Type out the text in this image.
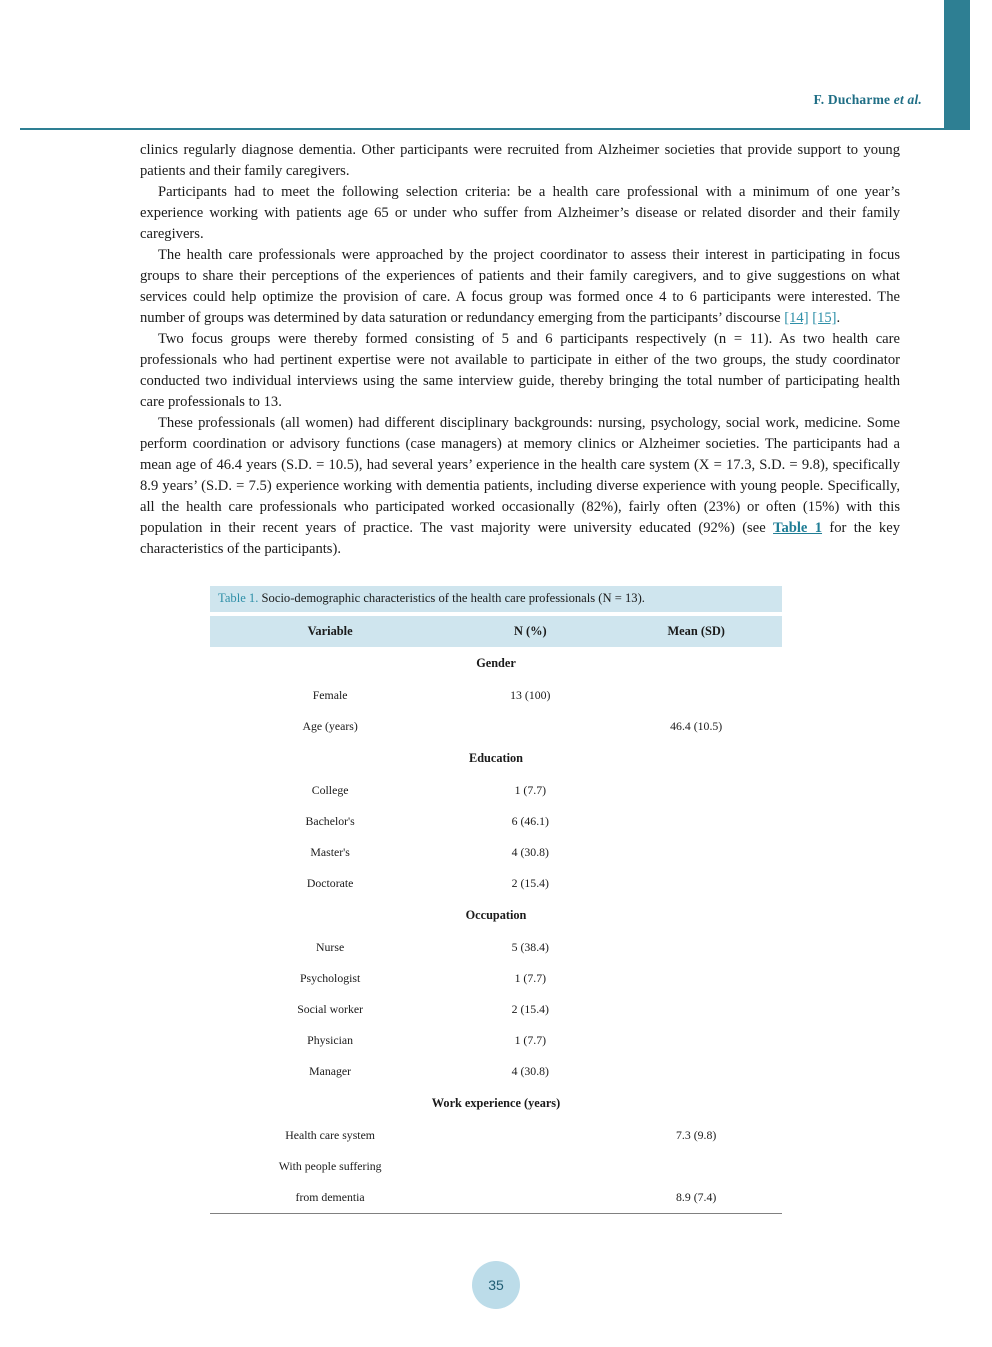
F. Ducharme et al.

clinics regularly diagnose dementia. Other participants were recruited from Alzheimer societies that provide support to young patients and their family caregivers.

Participants had to meet the following selection criteria: be a health care professional with a minimum of one year’s experience working with patients age 65 or under who suffer from Alzheimer’s disease or related disorder and their family caregivers.

The health care professionals were approached by the project coordinator to assess their interest in participating in focus groups to share their perceptions of the experiences of patients and their family caregivers, and to give suggestions on what services could help optimize the provision of care. A focus group was formed once 4 to 6 participants were interested. The number of groups was determined by data saturation or redundancy emerging from the participants’ discourse [14] [15].

Two focus groups were thereby formed consisting of 5 and 6 participants respectively (n = 11). As two health care professionals who had pertinent expertise were not available to participate in either of the two groups, the study coordinator conducted two individual interviews using the same interview guide, thereby bringing the total number of participating health care professionals to 13.

These professionals (all women) had different disciplinary backgrounds: nursing, psychology, social work, medicine. Some perform coordination or advisory functions (case managers) at memory clinics or Alzheimer societies. The participants had a mean age of 46.4 years (S.D. = 10.5), had several years’ experience in the health care system (X = 17.3, S.D. = 9.8), specifically 8.9 years’ (S.D. = 7.5) experience working with dementia patients, including diverse experience with young people. Specifically, all the health care professionals who participated worked occasionally (82%), fairly often (23%) or often (15%) with this population in their recent years of practice. The vast majority were university educated (92%) (see Table 1 for the key characteristics of the participants).

Table 1. Socio-demographic characteristics of the health care professionals (N = 13).
Variable	N (%)	Mean (SD)
Gender		
Female	13 (100)	
Age (years)		46.4 (10.5)
Education		
College	1 (7.7)	
Bachelor's	6 (46.1)	
Master's	4 (30.8)	
Doctorate	2 (15.4)	
Occupation		
Nurse	5 (38.4)	
Psychologist	1 (7.7)	
Social worker	2 (15.4)	
Physician	1 (7.7)	
Manager	4 (30.8)	
Work experience (years)		
Health care system		7.3 (9.8)
With people suffering		
from dementia		8.9 (7.4)
35
